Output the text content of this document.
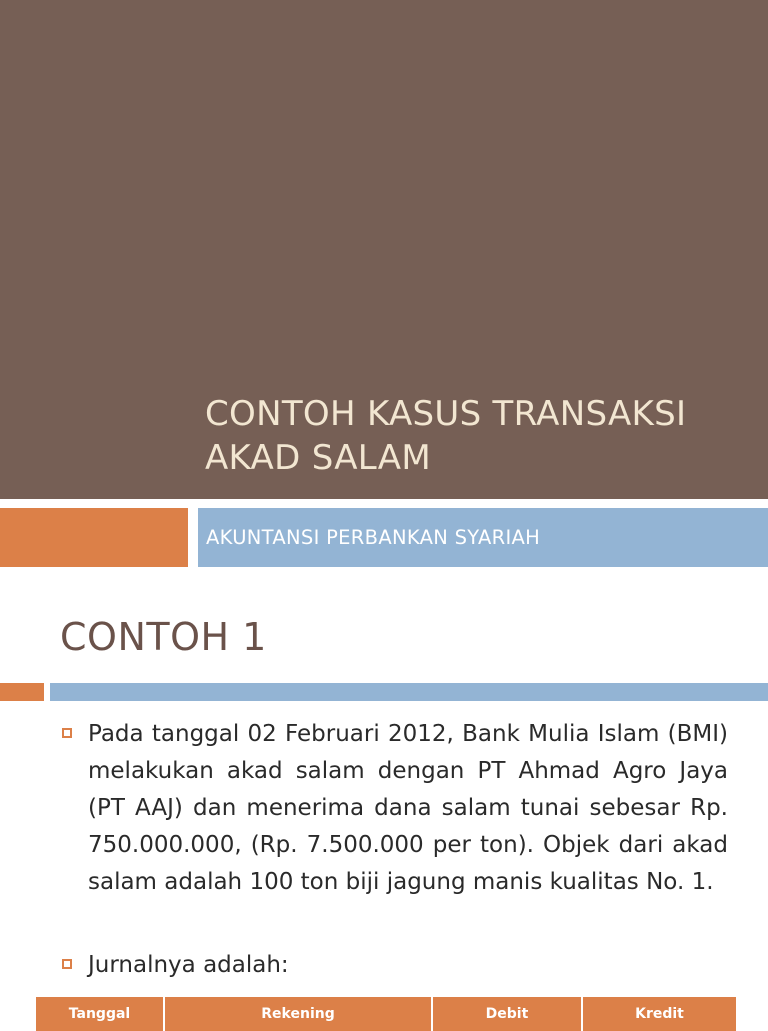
CONTOH KASUS TRANSAKSI
AKAD SALAM
AKUNTANSI PERBANKAN SYARIAH
CONTOH 1
Pada tanggal 02 Februari 2012, Bank Mulia Islam (BMI) melakukan akad salam dengan PT Ahmad Agro Jaya (PT AAJ) dan menerima dana salam tunai sebesar Rp. 750.000.000, (Rp. 7.500.000 per ton). Objek dari akad salam adalah 100 ton biji jagung manis kualitas No. 1.
Jurnalnya adalah:
Tanggal	Rekening	Debit	Kredit
